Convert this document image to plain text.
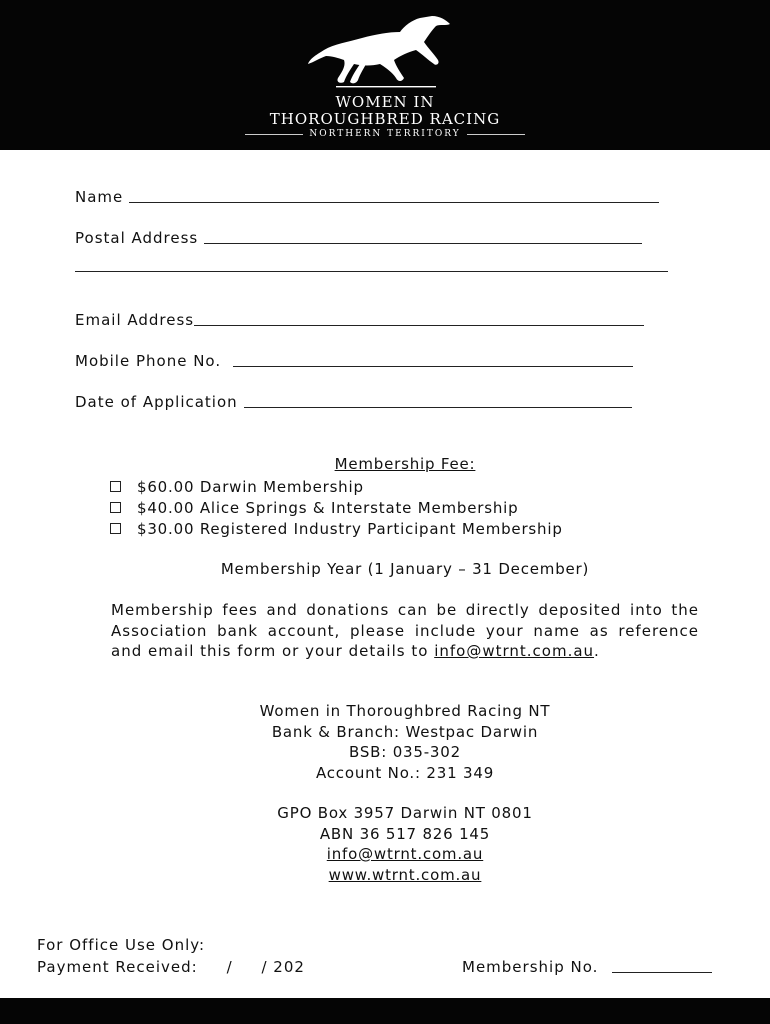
WOMEN IN
THOROUGHBRED RACING
NORTHERN TERRITORY
Name
Postal Address
Email Address
Mobile Phone No.
Date of Application
Membership Fee:
$60.00 Darwin Membership
$40.00 Alice Springs & Interstate Membership
$30.00 Registered Industry Participant Membership
Membership Year (1 January – 31 December)
Membership fees and donations can be directly deposited into the Association bank account, please include your name as reference and email this form or your details to info@wtrnt.com.au.
Women in Thoroughbred Racing NT
Bank & Branch: Westpac Darwin
BSB: 035-302
Account No.: 231 349
GPO Box 3957 Darwin NT 0801
ABN 36 517 826 145
info@wtrnt.com.au
www.wtrnt.com.au
For Office Use Only:
Payment Received:     /     / 202	Membership No.
